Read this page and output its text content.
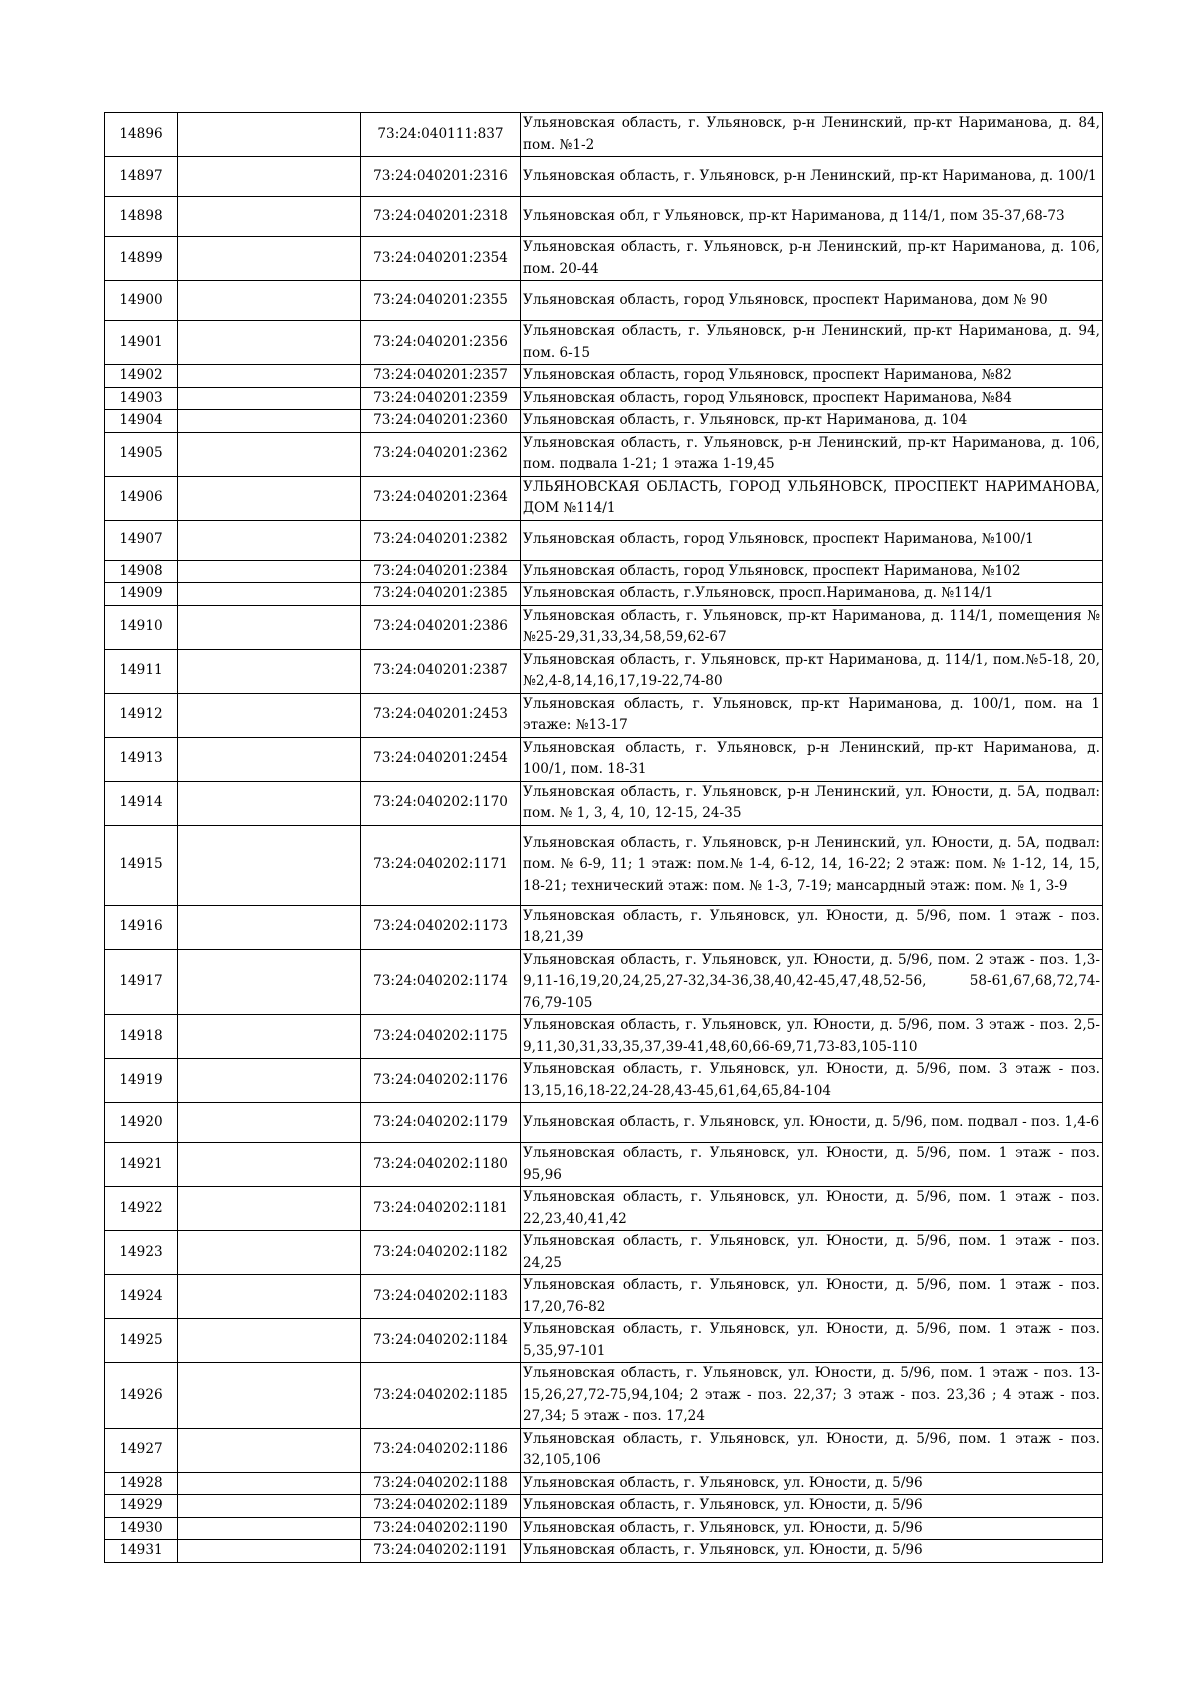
14896		73:24:040111:837	Ульяновская область, г. Ульяновск, р-н Ленинский, пр-кт Нариманова, д. 84, пом. №1-2
14897		73:24:040201:2316	Ульяновская область, г. Ульяновск, р-н Ленинский, пр-кт Нариманова, д. 100/1
14898		73:24:040201:2318	Ульяновская обл, г Ульяновск, пр-кт Нариманова, д 114/1, пом 35-37,68-73
14899		73:24:040201:2354	Ульяновская область, г. Ульяновск, р-н Ленинский, пр-кт Нариманова, д. 106, пом. 20-44
14900		73:24:040201:2355	Ульяновская область, город Ульяновск, проспект Нариманова, дом № 90
14901		73:24:040201:2356	Ульяновская область, г. Ульяновск, р-н Ленинский, пр-кт Нариманова, д. 94, пом. 6-15
14902		73:24:040201:2357	Ульяновская область, город Ульяновск, проспект Нариманова, №82
14903		73:24:040201:2359	Ульяновская область, город Ульяновск, проспект Нариманова, №84
14904		73:24:040201:2360	Ульяновская область, г. Ульяновск, пр-кт Нариманова, д. 104
14905		73:24:040201:2362	Ульяновская область, г. Ульяновск, р-н Ленинский, пр-кт Нариманова, д. 106, пом. подвала 1-21; 1 этажа 1-19,45
14906		73:24:040201:2364	УЛЬЯНОВСКАЯ ОБЛАСТЬ, ГОРОД УЛЬЯНОВСК, ПРОСПЕКТ НАРИМАНОВА, ДОМ №114/1
14907		73:24:040201:2382	Ульяновская область, город Ульяновск, проспект Нариманова, №100/1
14908		73:24:040201:2384	Ульяновская область, город Ульяновск, проспект Нариманова, №102
14909		73:24:040201:2385	Ульяновская область, г.Ульяновск, просп.Нариманова, д. №114/1
14910		73:24:040201:2386	Ульяновская область, г. Ульяновск, пр-кт Нариманова, д. 114/1, помещения №№25-29,31,33,34,58,59,62-67
14911		73:24:040201:2387	Ульяновская область, г. Ульяновск, пр-кт Нариманова, д. 114/1, пом.№5-18, 20, №2,4-8,14,16,17,19-22,74-80
14912		73:24:040201:2453	Ульяновская область, г. Ульяновск, пр-кт Нариманова, д. 100/1, пом. на 1 этаже: №13-17
14913		73:24:040201:2454	Ульяновская область, г. Ульяновск, р-н Ленинский, пр-кт Нариманова, д. 100/1, пом. 18-31
14914		73:24:040202:1170	Ульяновская область, г. Ульяновск, р-н Ленинский, ул. Юности, д. 5А, подвал: пом. № 1, 3, 4, 10, 12-15, 24-35
14915		73:24:040202:1171	Ульяновская область, г. Ульяновск, р-н Ленинский, ул. Юности, д. 5А, подвал: пом. № 6-9, 11; 1 этаж: пом.№ 1-4, 6-12, 14, 16-22; 2 этаж: пом. № 1-12, 14, 15, 18-21; технический этаж: пом. № 1-3, 7-19; мансардный этаж: пом. № 1, 3-9
14916		73:24:040202:1173	Ульяновская область, г. Ульяновск, ул. Юности, д. 5/96, пом. 1 этаж - поз. 18,21,39
14917		73:24:040202:1174	Ульяновская область, г. Ульяновск, ул. Юности, д. 5/96, пом. 2 этаж - поз. 1,3-9,11-16,19,20,24,25,27-32,34-36,38,40,42-45,47,48,52-56, 58-61,67,68,72,74-76,79-105
14918		73:24:040202:1175	Ульяновская область, г. Ульяновск, ул. Юности, д. 5/96, пом. 3 этаж - поз. 2,5-9,11,30,31,33,35,37,39-41,48,60,66-69,71,73-83,105-110
14919		73:24:040202:1176	Ульяновская область, г. Ульяновск, ул. Юности, д. 5/96, пом. 3 этаж - поз. 13,15,16,18-22,24-28,43-45,61,64,65,84-104
14920		73:24:040202:1179	Ульяновская область, г. Ульяновск, ул. Юности, д. 5/96, пом. подвал - поз. 1,4-6
14921		73:24:040202:1180	Ульяновская область, г. Ульяновск, ул. Юности, д. 5/96, пом. 1 этаж - поз. 95,96
14922		73:24:040202:1181	Ульяновская область, г. Ульяновск, ул. Юности, д. 5/96, пом. 1 этаж - поз. 22,23,40,41,42
14923		73:24:040202:1182	Ульяновская область, г. Ульяновск, ул. Юности, д. 5/96, пом. 1 этаж - поз. 24,25
14924		73:24:040202:1183	Ульяновская область, г. Ульяновск, ул. Юности, д. 5/96, пом. 1 этаж - поз. 17,20,76-82
14925		73:24:040202:1184	Ульяновская область, г. Ульяновск, ул. Юности, д. 5/96, пом. 1 этаж - поз. 5,35,97-101
14926		73:24:040202:1185	Ульяновская область, г. Ульяновск, ул. Юности, д. 5/96, пом. 1 этаж - поз. 13-15,26,27,72-75,94,104; 2 этаж - поз. 22,37; 3 этаж - поз. 23,36 ; 4 этаж - поз. 27,34; 5 этаж - поз. 17,24
14927		73:24:040202:1186	Ульяновская область, г. Ульяновск, ул. Юности, д. 5/96, пом. 1 этаж - поз. 32,105,106
14928		73:24:040202:1188	Ульяновская область, г. Ульяновск, ул. Юности, д. 5/96
14929		73:24:040202:1189	Ульяновская область, г. Ульяновск, ул. Юности, д. 5/96
14930		73:24:040202:1190	Ульяновская область, г. Ульяновск, ул. Юности, д. 5/96
14931		73:24:040202:1191	Ульяновская область, г. Ульяновск, ул. Юности, д. 5/96
